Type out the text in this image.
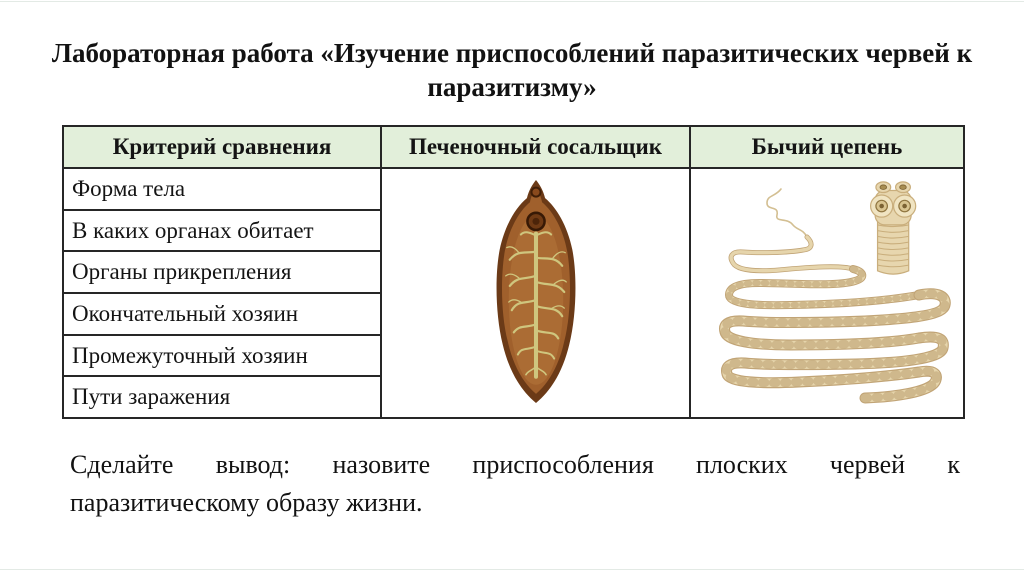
Лабораторная работа «Изучение приспособлений паразитических червей к
паразитизму»
Критерий сравнения	Печеночный сосальщик	Бычий цепень
Форма тела
В каких органах обитает
Органы прикрепления
Окончательный хозяин
Промежуточный хозяин
Пути заражения

Сделайте вывод: назовите приспособления плоских червей к
паразитическому образу жизни.
